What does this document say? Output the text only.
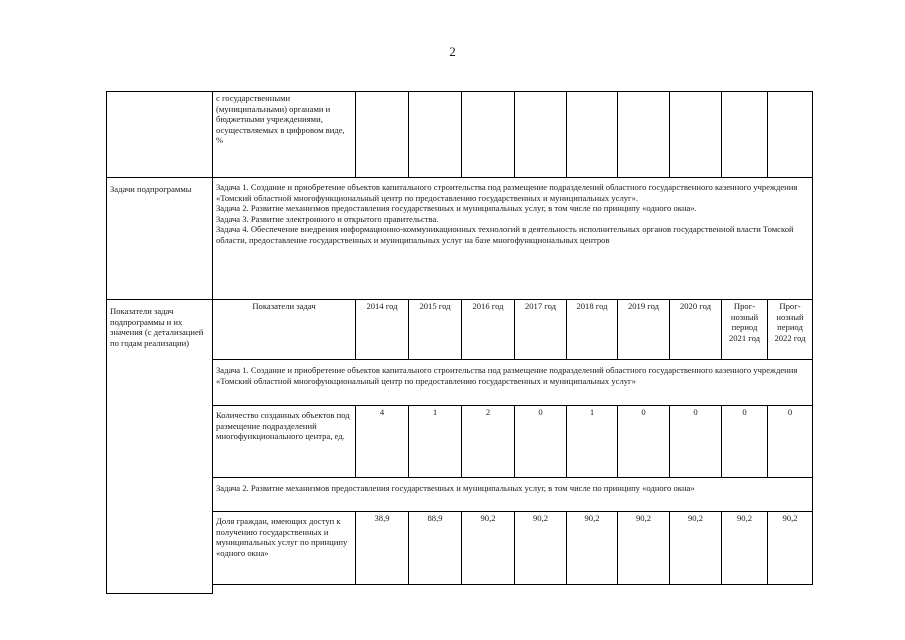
2
	с государственными (муниципальными) органами и бюджетными учреждениями, осуществляемых в цифровом виде, %									
Задачи подпрограммы	Задача 1. Создание и приобретение объектов капитального строительства под размещение подразделений областного государственного казенного учреждения «Томский областной многофункциональный центр по предоставлению государственных и муниципальных услуг».
Задача 2. Развитие механизмов предоставления государственных и муниципальных услуг, в том числе по принципу «одного окна».
Задача 3. Развитие электронного и открытого правительства.
Задача 4. Обеспечение внедрения информационно-коммуникационных технологий в деятельность исполнительных органов государственной власти Томской области, предоставление государственных и муниципальных услуг на базе многофункциональных центров									

Показатели задач подпрограммы и их значения (с детализацией по годам реализации)	Показатели задач	2014 год	2015 год	2016 год	2017 год	2018 год	2019 год	2020 год	Прог-нозный период 2021 год	Прог-нозный период 2022 год
	Задача 1. Создание и приобретение объектов капитального строительства под размещение подразделений областного государственного казенного учреждения «Томский областной многофункциональный центр по предоставлению государственных и муниципальных услуг»									
	Количество созданных объектов под размещение подразделений многофункционального центра, ед.	4	1	2	0	1	0	0	0	0
	Задача 2. Развитие механизмов предоставления государственных и муниципальных услуг, в том числе по принципу «одного окна»									
	Доля граждан, имеющих доступ к получению государственных и муниципальных услуг по принципу «одного окна»	38,9	88,9	90,2	90,2	90,2	90,2	90,2	90,2	90,2
